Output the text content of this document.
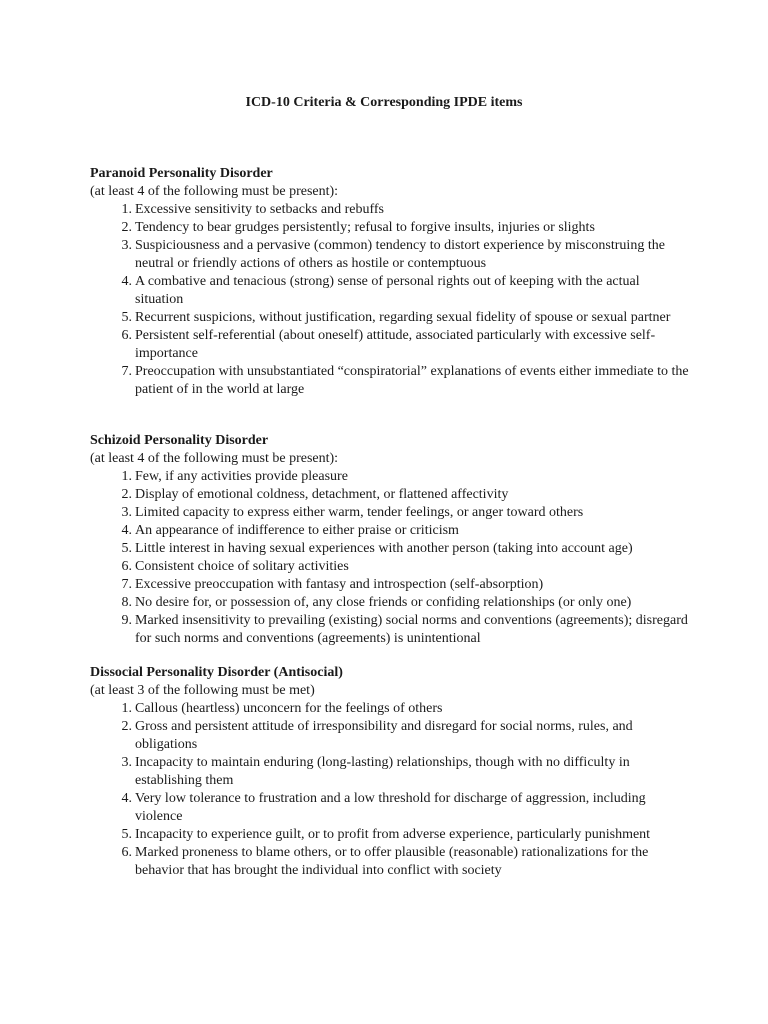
ICD-10 Criteria & Corresponding IPDE items

Paranoid Personality Disorder

(at least 4 of the following must be present):

1. Excessive sensitivity to setbacks and rebuffs
2. Tendency to bear grudges persistently; refusal to forgive insults, injuries or slights
3. Suspiciousness and a pervasive (common) tendency to distort experience by misconstruing the neutral or friendly actions of others as hostile or contemptuous
4. A combative and tenacious (strong) sense of personal rights out of keeping with the actual situation
5. Recurrent suspicions, without justification, regarding sexual fidelity of spouse or sexual partner
6. Persistent self-referential (about oneself) attitude, associated particularly with excessive self-importance
7. Preoccupation with unsubstantiated “conspiratorial” explanations of events either immediate to the patient of in the world at large

Schizoid Personality Disorder

(at least 4 of the following must be present):

1. Few, if any activities provide pleasure
2. Display of emotional coldness, detachment, or flattened affectivity
3. Limited capacity to express either warm, tender feelings, or anger toward others
4. An appearance of indifference to either praise or criticism
5. Little interest in having sexual experiences with another person (taking into account age)
6. Consistent choice of solitary activities
7. Excessive preoccupation with fantasy and introspection (self-absorption)
8. No desire for, or possession of, any close friends or confiding relationships (or only one)
9. Marked insensitivity to prevailing (existing) social norms and conventions (agreements); disregard for such norms and conventions (agreements) is unintentional

Dissocial Personality Disorder (Antisocial)

(at least 3 of the following must be met)

1. Callous (heartless) unconcern for the feelings of others
2. Gross and persistent attitude of irresponsibility and disregard for social norms, rules, and obligations
3. Incapacity to maintain enduring (long-lasting) relationships, though with no difficulty in establishing them
4. Very low tolerance to frustration and a low threshold for discharge of aggression, including violence
5. Incapacity to experience guilt, or to profit from adverse experience, particularly punishment
6. Marked proneness to blame others, or to offer plausible (reasonable) rationalizations for the behavior that has brought the individual into conflict with society
